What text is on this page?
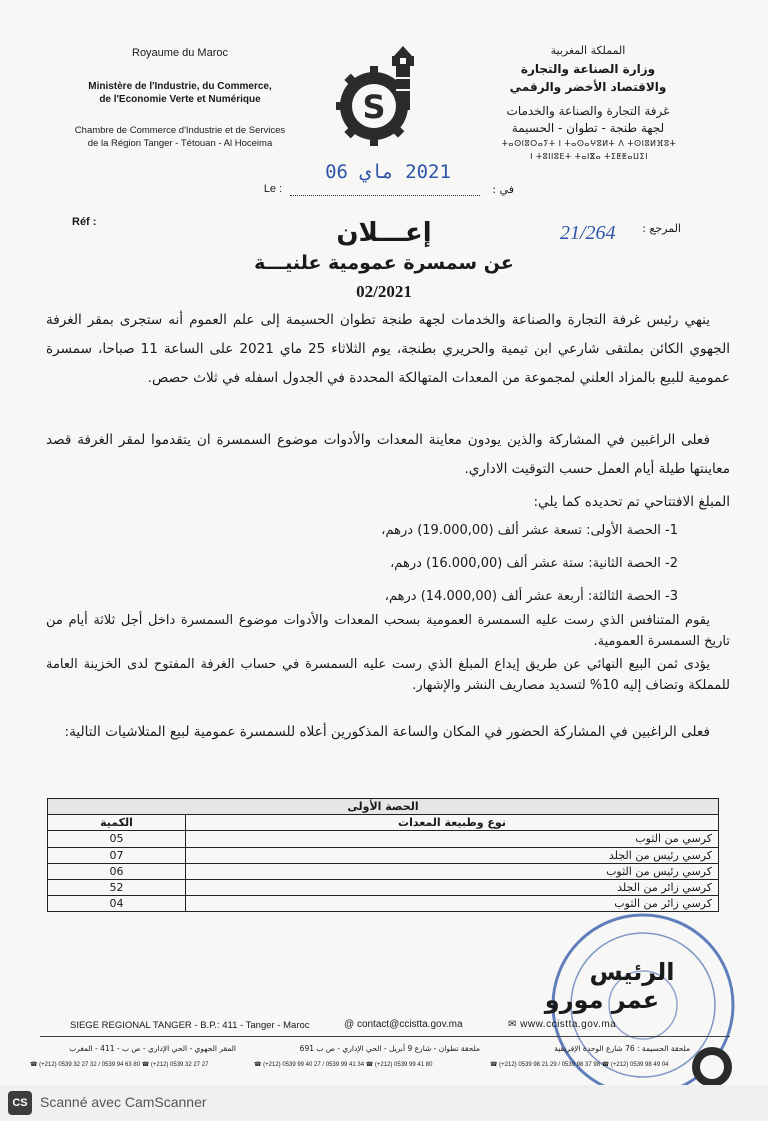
Royaume du Maroc
Ministère de l'Industrie, du Commerce,
de l'Economie Verte et Numérique
Chambre de Commerce d'Industrie et de Services
de la Région Tanger - Tétouan - Al Hoceima
S
المملكة المغربية
وزارة الصناعة والتجارة
والاقتصاد الأخضر والرقمي
غرفة التجارة والصناعة والخدمات
لجهة طنجة - تطوان - الحسيمة
ⵜⴰⵙⵏⵓⵔⴰⵢⵜ ⵏ ⵜⴰⵙⴰⵖⵓⵍⵜ ⴷ ⵜⵙⵏⵓⵍⴼⵓⵜ
ⵏ ⵜⵓⵏⵏⵓⴹⵜ ⵜⴰⵏⴵⴰ ⵜⵉⵟⵟⴰⵡⵉⵏ
Le :
2021 ماي 06
في :
Réf :	21/264 المرجع :
إعـــلان
عن سمسرة عمومية علنيـــة
02/2021
ينهي رئيس غرفة التجارة والصناعة والخدمات لجهة طنجة تطوان الحسيمة إلى علم العموم أنه ستجرى بمقر الغرفة الجهوي الكائن بملتقى شارعي ابن تيمية والحريري بطنجة، يوم الثلاثاء 25 ماي 2021 على الساعة 11 صباحا، سمسرة عمومية للبيع بالمزاد العلني لمجموعة من المعدات المتهالكة المحددة في الجدول اسفله في ثلاث حصص.
فعلى الراغبين في المشاركة والذين يودون معاينة المعدات والأدوات موضوع السمسرة ان يتقدموا لمقر الغرفة قصد معاينتها طيلة أيام العمل حسب التوقيت الاداري.
المبلغ الافتتاحي تم تحديده كما يلي:
1- الحصة الأولى: تسعة عشر ألف (19.000,00) درهم،
2- الحصة الثانية: ستة عشر ألف (16.000,00) درهم،
3- الحصة الثالثة: أربعة عشر ألف (14.000,00) درهم،
يقوم المتنافس الذي رست عليه السمسرة العمومية بسحب المعدات والأدوات موضوع السمسرة داخل أجل ثلاثة أيام من تاريخ السمسرة العمومية.
يؤدى ثمن البيع النهائي عن طريق إيداع المبلغ الذي رست عليه السمسرة في حساب الغرفة المفتوح لدى الخزينة العامة للمملكة وتضاف إليه 10% لتسديد مصاريف النشر والإشهار.
فعلى الراغبين في المشاركة الحضور في المكان والساعة المذكورين أعلاه للسمسرة عمومية لبيع المتلاشيات التالية:
الحصة الأولى	
نوع وطبيعة المعدات	الكمية
كرسي من الثوب	05
كرسي رئيس من الجلد	07
كرسي رئيس من الثوب	06
كرسي زائر من الجلد	52
كرسي زائر من الثوب	04
الرئيس
عمر مورو
SIEGE REGIONAL TANGER - B.P.: 411 - Tanger - Maroc	@ contact@ccistta.gov.ma	✉ www.ccistta.gov.ma
المقر الجهوي - الحي الإداري - ص ب - 411 - المغرب	ملحقة تطوان - شارع 9 أبريل - الحي الإداري - ص ب 691	ملحقة الحسيمة : 76 شارع الوحدة الإفريقية
☎ (+212) 0539 32 27 32 / 0539 94 63 80 ☎ (+212) 0539 32 27 27	☎ (+212) 0539 99 40 27 / 0539 99 41 34 ☎ (+212) 0539 99 41 80	☎ (+212) 0539 98 21 29 / 0539 98 37 98 ☎ (+212) 0539 98 49 04
CS Scanné avec CamScanner
